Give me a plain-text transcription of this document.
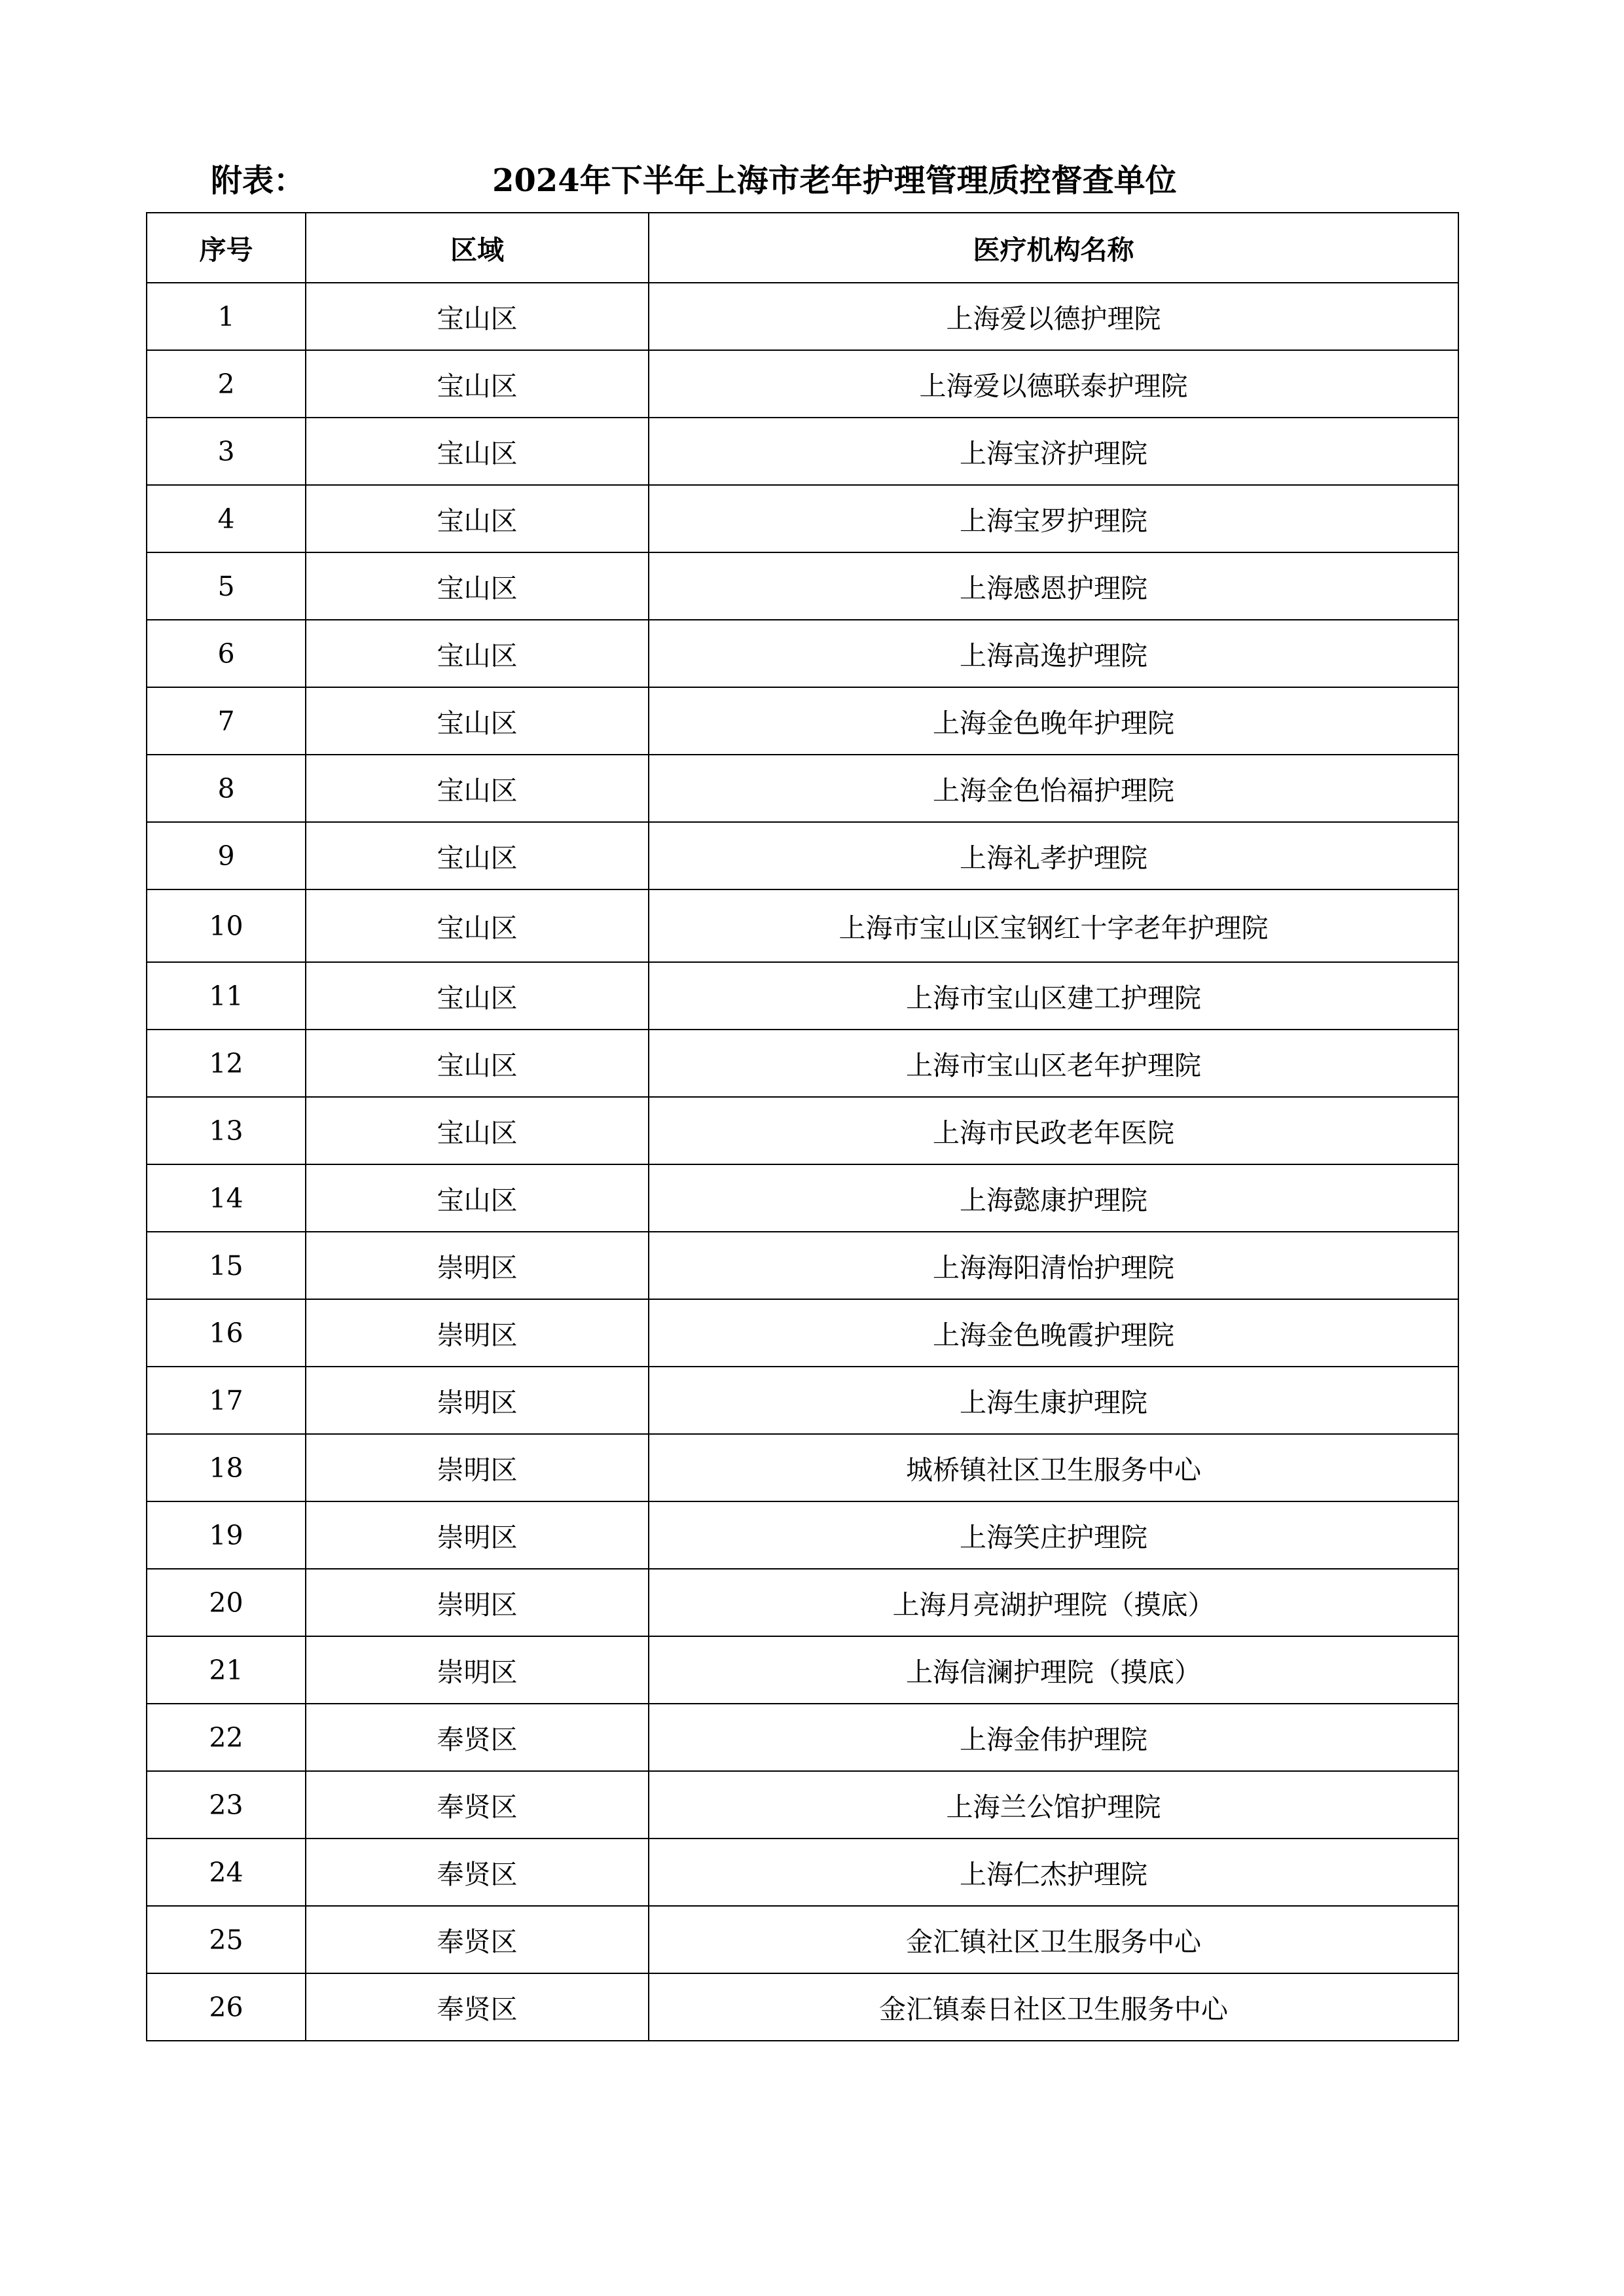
附表：	2024年下半年上海市老年护理管理质控督查单位
序号	区域	医疗机构名称
1	宝山区	上海爱以德护理院
2	宝山区	上海爱以德联泰护理院
3	宝山区	上海宝济护理院
4	宝山区	上海宝罗护理院
5	宝山区	上海感恩护理院
6	宝山区	上海高逸护理院
7	宝山区	上海金色晚年护理院
8	宝山区	上海金色怡福护理院
9	宝山区	上海礼孝护理院
10	宝山区	上海市宝山区宝钢红十字老年护理院
11	宝山区	上海市宝山区建工护理院
12	宝山区	上海市宝山区老年护理院
13	宝山区	上海市民政老年医院
14	宝山区	上海懿康护理院
15	崇明区	上海海阳清怡护理院
16	崇明区	上海金色晚霞护理院
17	崇明区	上海生康护理院
18	崇明区	城桥镇社区卫生服务中心
19	崇明区	上海笑庄护理院
20	崇明区	上海月亮湖护理院（摸底）
21	崇明区	上海信澜护理院（摸底）
22	奉贤区	上海金伟护理院
23	奉贤区	上海兰公馆护理院
24	奉贤区	上海仁杰护理院
25	奉贤区	金汇镇社区卫生服务中心
26	奉贤区	金汇镇泰日社区卫生服务中心
